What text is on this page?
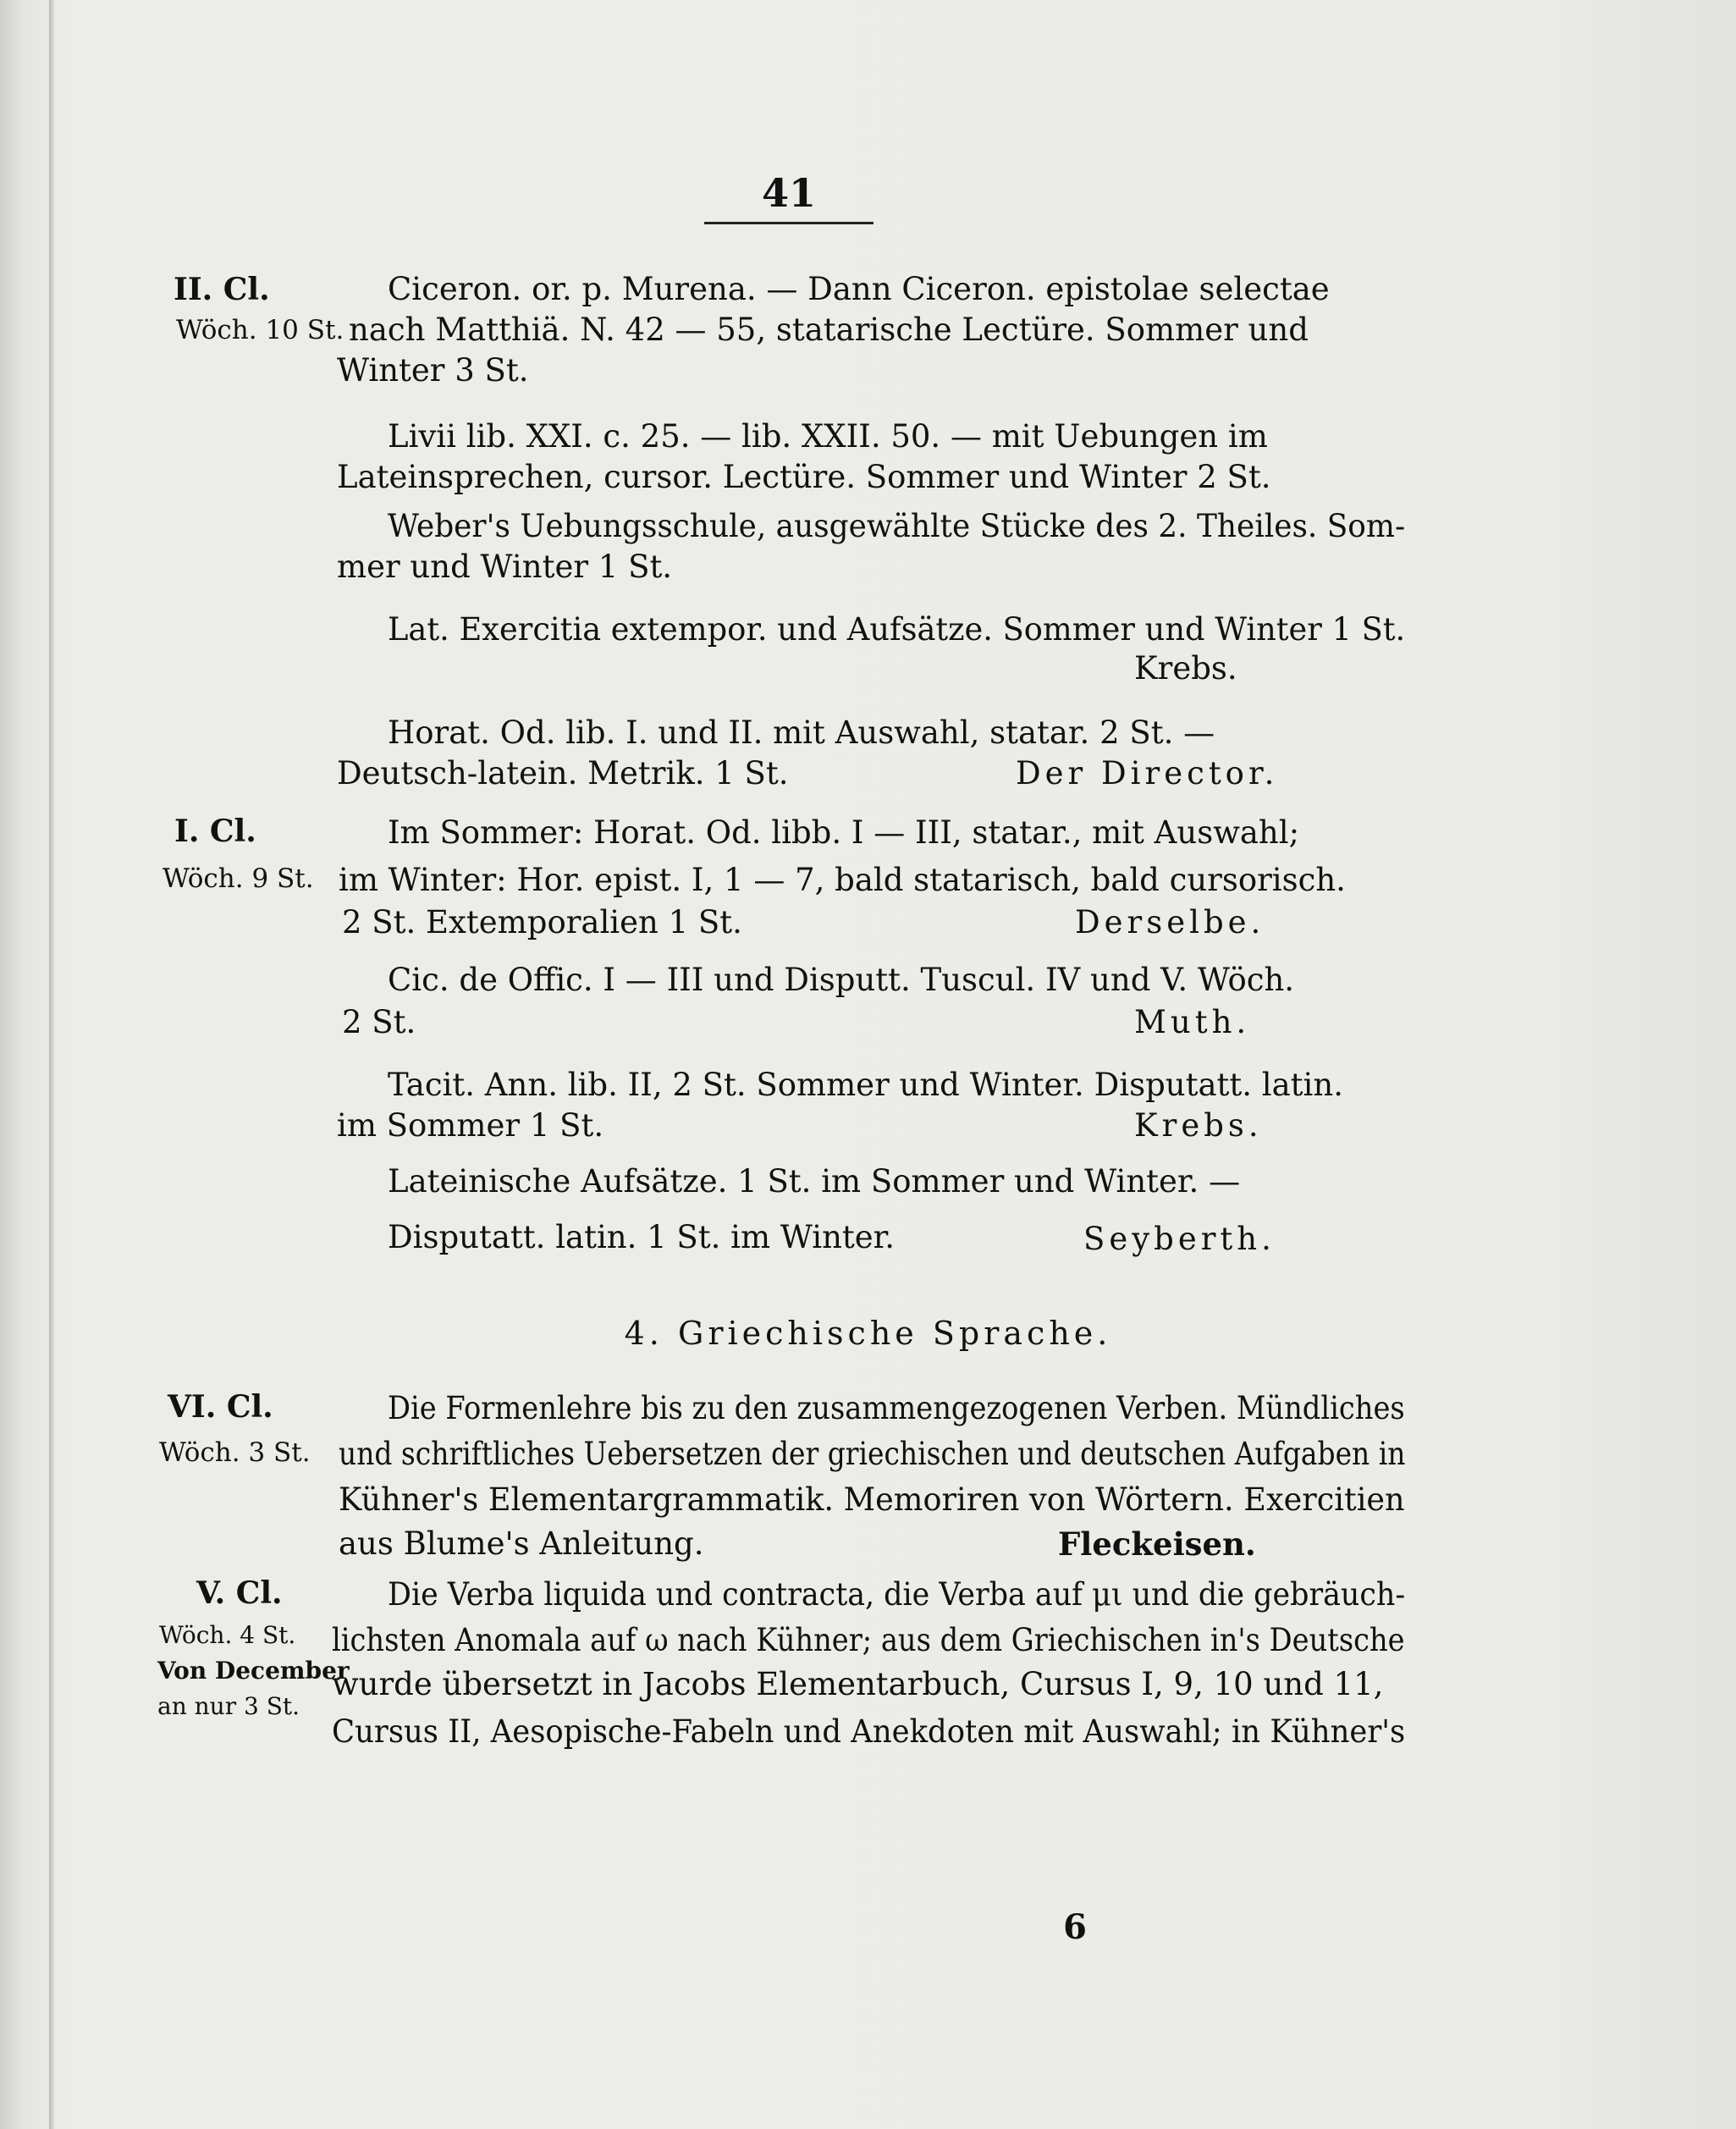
41
II. Cl.
Wöch. 10 St.
Ciceron. or. p. Murena. — Dann Ciceron. epistolae selectae
nach Matthiä. N. 42 — 55, statarische Lectüre. Sommer und
Winter 3 St.
Livii lib. XXI. c. 25. — lib. XXII. 50. — mit Uebungen im
Lateinsprechen, cursor. Lectüre. Sommer und Winter 2 St.
Weber's Uebungsschule, ausgewählte Stücke des 2. Theiles. Som-
mer und Winter 1 St.
Lat. Exercitia extempor. und Aufsätze. Sommer und Winter 1 St.
Krebs.
Horat. Od. lib. I. und II. mit Auswahl, statar. 2 St. —
Deutsch-latein. Metrik. 1 St.	Der Director.
I. Cl.
Wöch. 9 St.
Im Sommer: Horat. Od. libb. I — III, statar., mit Auswahl;
im Winter: Hor. epist. I, 1 — 7, bald statarisch, bald cursorisch.
2 St. Extemporalien 1 St.	Derselbe.
Cic. de Offic. I — III und Disputt. Tuscul. IV und V. Wöch.
2 St.	Muth.
Tacit. Ann. lib. II, 2 St. Sommer und Winter. Disputatt. latin.
im Sommer 1 St.	Krebs.
Lateinische Aufsätze. 1 St. im Sommer und Winter. —
Disputatt. latin. 1 St. im Winter.	Seyberth.
4. Griechische Sprache.
VI. Cl.
Wöch. 3 St.
Die Formenlehre bis zu den zusammengezogenen Verben. Mündliches
und schriftliches Uebersetzen der griechischen und deutschen Aufgaben in
Kühner's Elementargrammatik. Memoriren von Wörtern. Exercitien
aus Blume's Anleitung.	Fleckeisen.
V. Cl.
Wöch. 4 St.
Von December
an nur 3 St.
Die Verba liquida und contracta, die Verba auf μι und die gebräuch-
lichsten Anomala auf ω nach Kühner; aus dem Griechischen in's Deutsche
wurde übersetzt in Jacobs Elementarbuch, Cursus I, 9, 10 und 11,
Cursus II, Aesopische-Fabeln und Anekdoten mit Auswahl; in Kühner's
6
